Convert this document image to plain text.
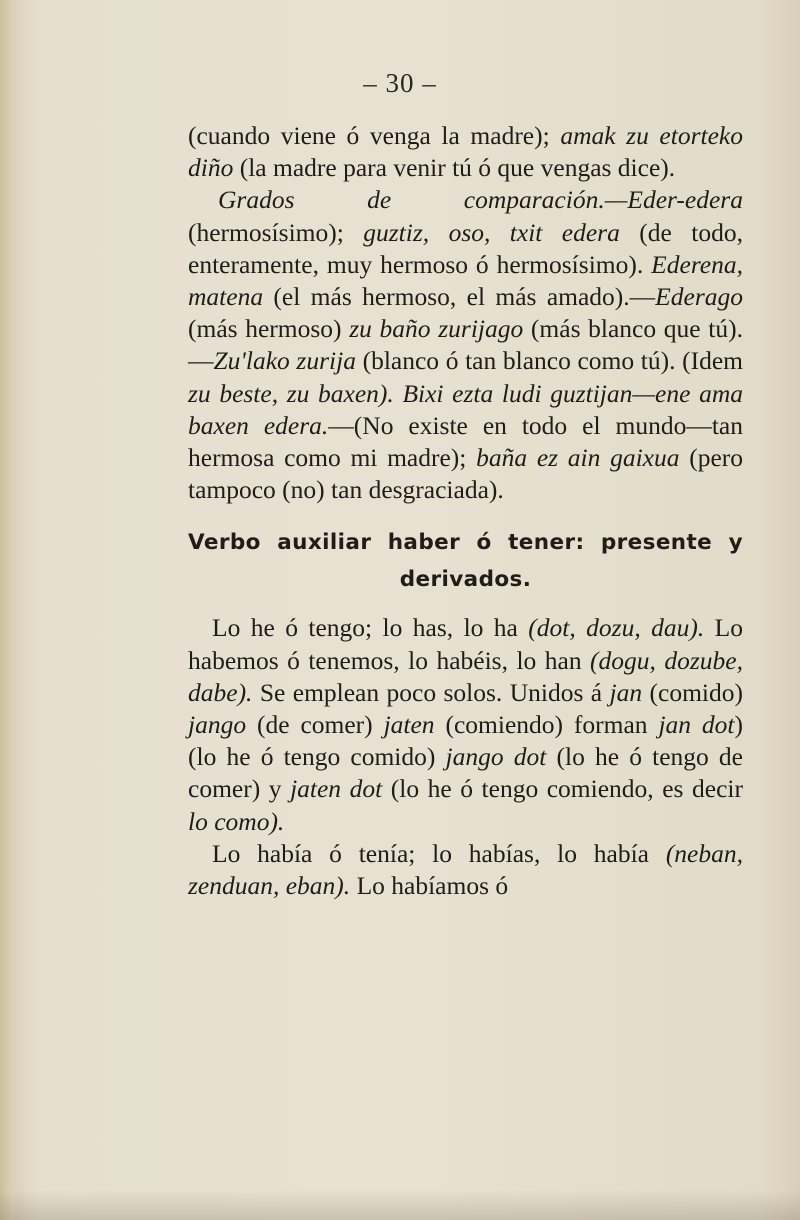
– 30 –

(cuando viene ó venga la madre); amak zu etorteko diño (la madre para venir tú ó que vengas dice).

Grados de comparación.—Eder-edera (hermosísimo); guztiz, oso, txit edera (de todo, enteramente, muy hermoso ó hermosísimo). Ederena, matena (el más hermoso, el más amado).—Ederago (más hermoso) zu baño zurijago (más blanco que tú).—Zu'lako zurija (blanco ó tan blanco como tú). (Idem zu beste, zu baxen). Bixi ezta ludi guztijan—ene ama baxen edera.—(No existe en todo el mundo—tan hermosa como mi madre); baña ez ain gaixua (pero tampoco (no) tan desgraciada).

Verbo auxiliar haber ó tener: presente y derivados.

Lo he ó tengo; lo has, lo ha (dot, dozu, dau). Lo habemos ó tenemos, lo habéis, lo han (dogu, dozube, dabe). Se emplean poco solos. Unidos á jan (comido) jango (de comer) jaten (comiendo) forman jan dot) (lo he ó tengo comido) jango dot (lo he ó tengo de comer) y jaten dot (lo he ó tengo comiendo, es decir lo como).

Lo había ó tenía; lo habías, lo había (neban, zenduan, eban). Lo habíamos ó
